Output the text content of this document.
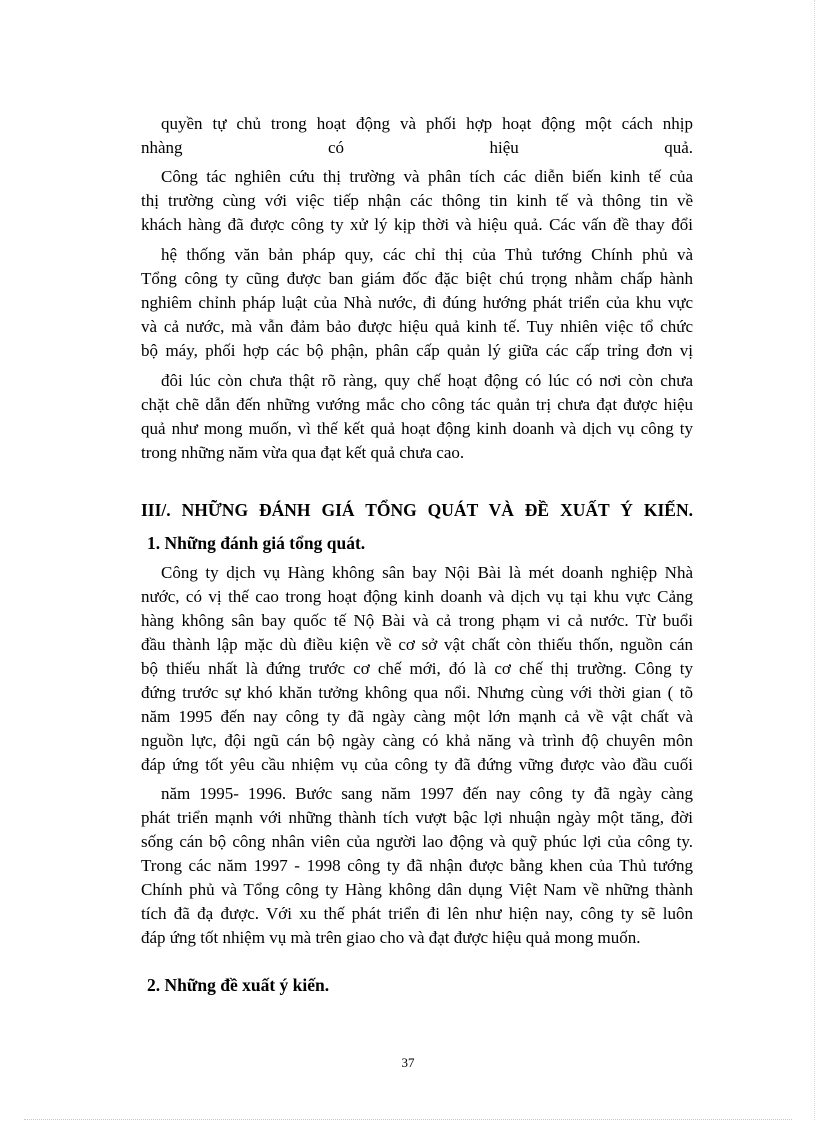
quyền tự chủ trong hoạt động và phối hợp hoạt động một cách nhịp
nhàng có hiệu quả.
Công tác nghiên cứu thị trường và phân tích các diễn biến kinh tế của
thị trường cùng với việc tiếp nhận các thông tin kinh tế và thông tin về
khách hàng đã được công ty xử lý kịp thời và hiệu quả. Các vấn đề thay đổi
hệ thống văn bản pháp quy, các chỉ thị của Thủ tướng Chính phủ và
Tổng công ty cũng được ban giám đốc đặc biệt chú trọng nhằm chấp hành
nghiêm chỉnh pháp luật của Nhà nước, đi đúng hướng phát triển của khu vực
và cả nước, mà vẫn đảm bảo được hiệu quả kinh tế. Tuy nhiên việc tổ chức
bộ máy, phối hợp các bộ phận, phân cấp quản lý giữa các cấp trỉng đơn vị
đôi lúc còn chưa thật rõ ràng, quy chế hoạt động có lúc có nơi còn chưa
chặt chẽ dẫn đến những vướng mắc cho công tác quản trị chưa đạt được hiệu
quả như mong muốn, vì thế kết quả hoạt động kinh doanh và dịch vụ công ty
trong những năm vừa qua đạt kết quả chưa cao.
III/. NHỮNG ĐÁNH GIÁ TỔNG QUÁT VÀ ĐỀ XUẤT Ý KIẾN.
1. Những đánh giá tổng quát.
Công ty dịch vụ Hàng không sân bay Nội Bài là mét doanh nghiệp Nhà
nước, có vị thế cao trong hoạt động kinh doanh và dịch vụ tại khu vực Cảng
hàng không sân bay quốc tế Nộ Bài và cả trong phạm vi cả nước. Từ buổi
đầu thành lập mặc dù điều kiện về cơ sở vật chất còn thiếu thốn, nguồn cán
bộ thiếu nhất là đứng trước cơ chế mới, đó là cơ chế thị trường. Công ty
đứng trước sự khó khăn tưởng không qua nổi. Nhưng cùng với thời gian ( tõ
năm 1995 đến nay công ty đã ngày càng một lớn mạnh cả về vật chất và
nguồn lực, đội ngũ cán bộ ngày càng có khả năng và trình độ chuyên môn
đáp ứng tốt yêu cầu nhiệm vụ của công ty đã đứng vững được vào đầu cuối
năm 1995- 1996. Bước sang năm 1997 đến nay công ty đã ngày càng
phát triển mạnh với những thành tích vượt bậc lợi nhuận ngày một tăng, đời
sống cán bộ công nhân viên của người lao động và quỹ phúc lợi của công ty.
Trong các năm 1997 - 1998 công ty đã nhận được bằng khen của Thủ tướng
Chính phủ và Tổng công ty Hàng không dân dụng Việt Nam về những thành
tích đã đạ được. Với xu thế phát triển đi lên như hiện nay, công ty sẽ luôn
đáp ứng tốt nhiệm vụ mà trên giao cho và đạt được hiệu quả mong muốn.
2. Những đề xuất ý kiến.
37
